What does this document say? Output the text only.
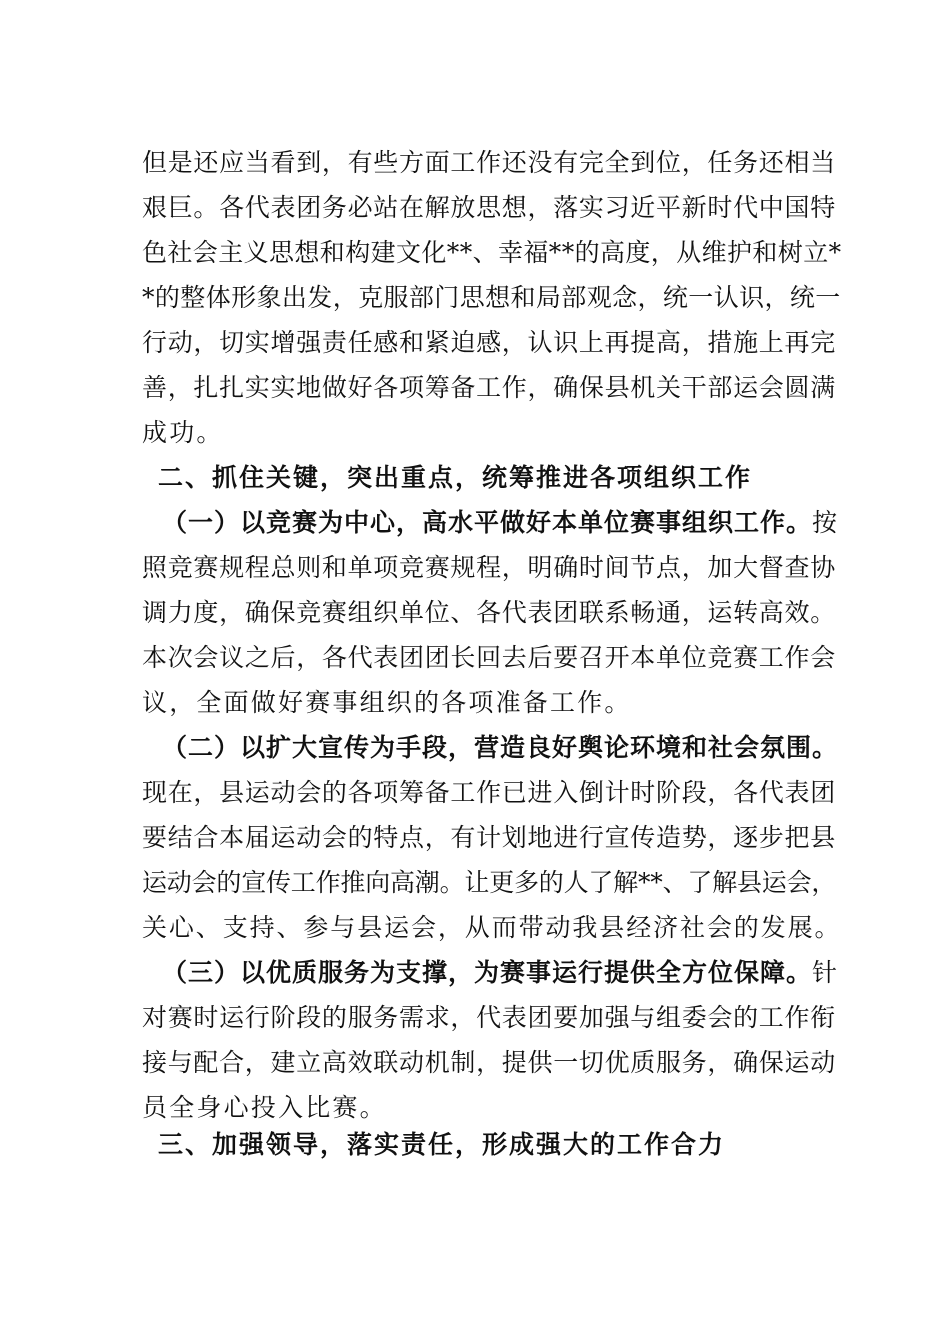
但是还应当看到，有些方面工作还没有完全到位，任务还相当
艰巨。各代表团务必站在解放思想，落实习近平新时代中国特
色社会主义思想和构建文化**、幸福**的高度，从维护和树立*
*的整体形象出发，克服部门思想和局部观念，统一认识，统一
行动，切实增强责任感和紧迫感，认识上再提高，措施上再完
善，扎扎实实地做好各项筹备工作，确保县机关干部运会圆满
成功。
二、抓住关键，突出重点，统筹推进各项组织工作
（一）以竞赛为中心，高水平做好本单位赛事组织工作。按
照竞赛规程总则和单项竞赛规程，明确时间节点，加大督查协
调力度，确保竞赛组织单位、各代表团联系畅通，运转高效。
本次会议之后，各代表团团长回去后要召开本单位竞赛工作会
议，全面做好赛事组织的各项准备工作。
（二）以扩大宣传为手段，营造良好舆论环境和社会氛围。
现在，县运动会的各项筹备工作已进入倒计时阶段，各代表团
要结合本届运动会的特点，有计划地进行宣传造势，逐步把县
运动会的宣传工作推向高潮。让更多的人了解**、了解县运会，
关心、支持、参与县运会，从而带动我县经济社会的发展。
（三）以优质服务为支撑，为赛事运行提供全方位保障。针
对赛时运行阶段的服务需求，代表团要加强与组委会的工作衔
接与配合，建立高效联动机制，提供一切优质服务，确保运动
员全身心投入比赛。
三、加强领导，落实责任，形成强大的工作合力
